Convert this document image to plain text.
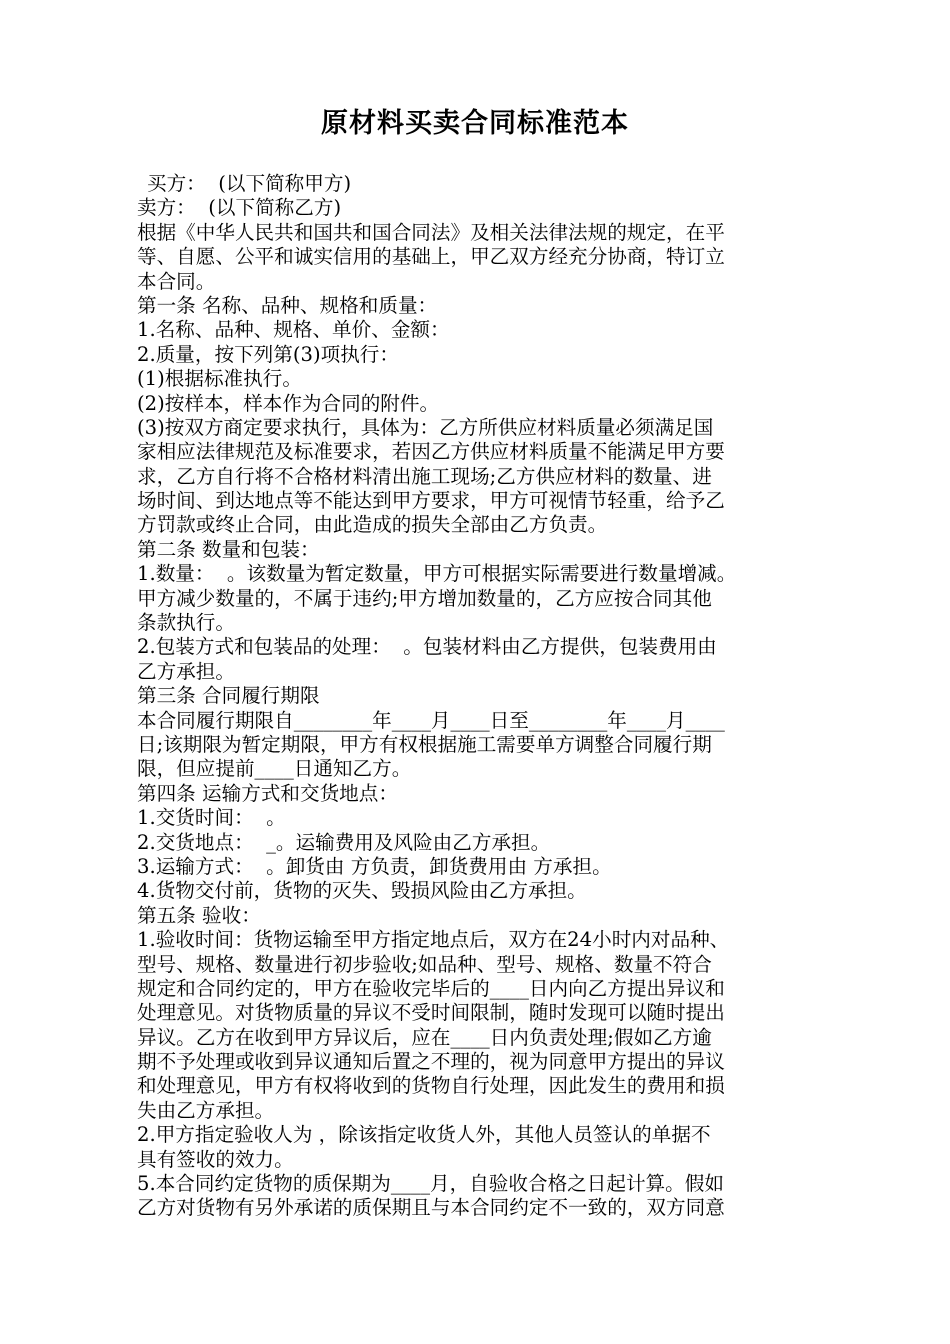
原材料买卖合同标准范本
买方：  (以下简称甲方)
卖方：  (以下简称乙方)
根据《中华人民共和国共和国合同法》及相关法律法规的规定，在平
等、自愿、公平和诚实信用的基础上，甲乙双方经充分协商，特订立
本合同。
第一条 名称、品种、规格和质量：
1.名称、品种、规格、单价、金额：
2.质量，按下列第(3)项执行：
(1)根据标准执行。
(2)按样本，样本作为合同的附件。
(3)按双方商定要求执行，具体为：乙方所供应材料质量必须满足国
家相应法律规范及标准要求，若因乙方供应材料质量不能满足甲方要
求，乙方自行将不合格材料清出施工现场;乙方供应材料的数量、进
场时间、到达地点等不能达到甲方要求，甲方可视情节轻重，给予乙
方罚款或终止合同，由此造成的损失全部由乙方负责。
第二条 数量和包装：
1.数量：  。该数量为暂定数量，甲方可根据实际需要进行数量增减。
甲方减少数量的，不属于违约;甲方增加数量的，乙方应按合同其他
条款执行。
2.包装方式和包装品的处理：  。包装材料由乙方提供，包装费用由
乙方承担。
第三条 合同履行期限
本合同履行期限自________年____月____日至________年____月____
日;该期限为暂定期限，甲方有权根据施工需要单方调整合同履行期
限，但应提前____日通知乙方。
第四条 运输方式和交货地点：
1.交货时间：  。
2.交货地点：  _。运输费用及风险由乙方承担。
3.运输方式：  。卸货由 方负责，卸货费用由 方承担。
4.货物交付前，货物的灭失、毁损风险由乙方承担。
第五条 验收：
1.验收时间：货物运输至甲方指定地点后，双方在24小时内对品种、
型号、规格、数量进行初步验收;如品种、型号、规格、数量不符合
规定和合同约定的，甲方在验收完毕后的____日内向乙方提出异议和
处理意见。对货物质量的异议不受时间限制，随时发现可以随时提出
异议。乙方在收到甲方异议后，应在____日内负责处理;假如乙方逾
期不予处理或收到异议通知后置之不理的，视为同意甲方提出的异议
和处理意见，甲方有权将收到的货物自行处理，因此发生的费用和损
失由乙方承担。
2.甲方指定验收人为 ，除该指定收货人外，其他人员签认的单据不
具有签收的效力。
5.本合同约定货物的质保期为____月，自验收合格之日起计算。假如
乙方对货物有另外承诺的质保期且与本合同约定不一致的，双方同意
